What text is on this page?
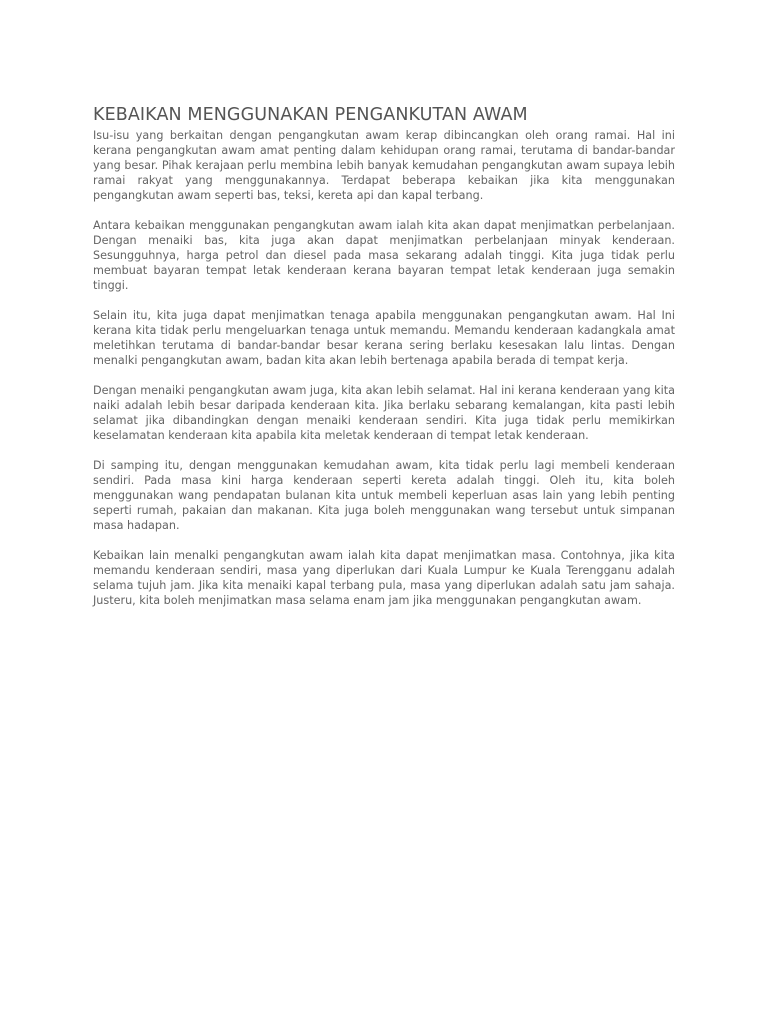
KEBAIKAN MENGGUNAKAN PENGANKUTAN AWAM

Isu-isu yang berkaitan dengan pengangkutan awam kerap dibincangkan oleh orang ramai. Hal ini kerana pengangkutan awam amat penting dalam kehidupan orang ramai, terutama di bandar-bandar yang besar. Pihak kerajaan perlu membina lebih banyak kemudahan pengangkutan awam supaya lebih ramai rakyat yang menggunakannya. Terdapat beberapa kebaikan jika kita menggunakan pengangkutan awam seperti bas, teksi, kereta api dan kapal terbang.

Antara kebaikan menggunakan pengangkutan awam ialah kita akan dapat menjimatkan perbelanjaan. Dengan menaiki bas, kita juga akan dapat menjimatkan perbelanjaan minyak kenderaan. Sesungguhnya, harga petrol dan diesel pada masa sekarang adalah tinggi. Kita juga tidak perlu membuat bayaran tempat letak kenderaan kerana bayaran tempat letak kenderaan juga semakin tinggi.

Selain itu, kita juga dapat menjimatkan tenaga apabila menggunakan pengangkutan awam. Hal Ini kerana kita tidak perlu mengeluarkan tenaga untuk memandu. Memandu kenderaan kadangkala amat meletihkan terutama di bandar-bandar besar kerana sering berlaku kesesakan lalu lintas. Dengan menalki pengangkutan awam, badan kita akan lebih bertenaga apabila berada di tempat kerja.

Dengan menaiki pengangkutan awam juga, kita akan lebih selamat. Hal ini kerana kenderaan yang kita naiki adalah lebih besar daripada kenderaan kita. Jika berlaku sebarang kemalangan, kita pasti lebih selamat jika dibandingkan dengan menaiki kenderaan sendiri. Kita juga tidak perlu memikirkan keselamatan kenderaan kita apabila kita meletak kenderaan di tempat letak kenderaan.

Di samping itu, dengan menggunakan kemudahan awam, kita tidak perlu lagi membeli kenderaan sendiri. Pada masa kini harga kenderaan seperti kereta adalah tinggi. Oleh itu, kita boleh menggunakan wang pendapatan bulanan kita untuk membeli keperluan asas lain yang lebih penting seperti rumah, pakaian dan makanan. Kita juga boleh menggunakan wang tersebut untuk simpanan masa hadapan.

Kebaikan lain menalki pengangkutan awam ialah kita dapat menjimatkan masa. Contohnya, jika kita memandu kenderaan sendiri, masa yang diperlukan dari Kuala Lumpur ke Kuala Terengganu adalah selama tujuh jam. Jika kita menaiki kapal terbang pula, masa yang diperlukan adalah satu jam sahaja. Justeru, kita boleh menjimatkan masa selama enam jam jika menggunakan pengangkutan awam.
